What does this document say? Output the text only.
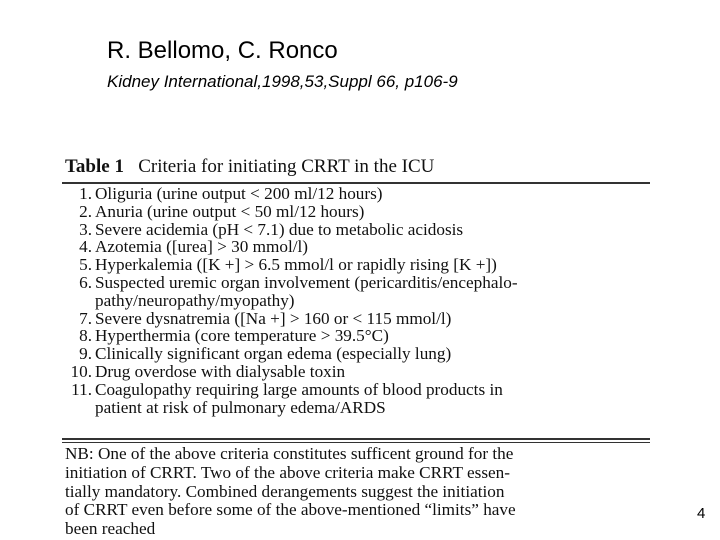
R. Bellomo, C. Ronco
Kidney International,1998,53,Suppl 66, p106-9
Table 1 Criteria for initiating CRRT in the ICU
1. Oliguria (urine output < 200 ml/12 hours)
2. Anuria (urine output < 50 ml/12 hours)
3. Severe acidemia (pH < 7.1) due to metabolic acidosis
4. Azotemia ([urea] > 30 mmol/l)
5. Hyperkalemia ([K +] > 6.5 mmol/l or rapidly rising [K +])
6. Suspected uremic organ involvement (pericarditis/encephalo-
pathy/neuropathy/myopathy)
7. Severe dysnatremia ([Na +] > 160 or < 115 mmol/l)
8. Hyperthermia (core temperature > 39.5°C)
9. Clinically significant organ edema (especially lung)
10. Drug overdose with dialysable toxin
11. Coagulopathy requiring large amounts of blood products in
patient at risk of pulmonary edema/ARDS
NB: One of the above criteria constitutes sufficent ground for the
initiation of CRRT. Two of the above criteria make CRRT essen-
tially mandatory. Combined derangements suggest the initiation
of CRRT even before some of the above-mentioned “limits” have
been reached
4
